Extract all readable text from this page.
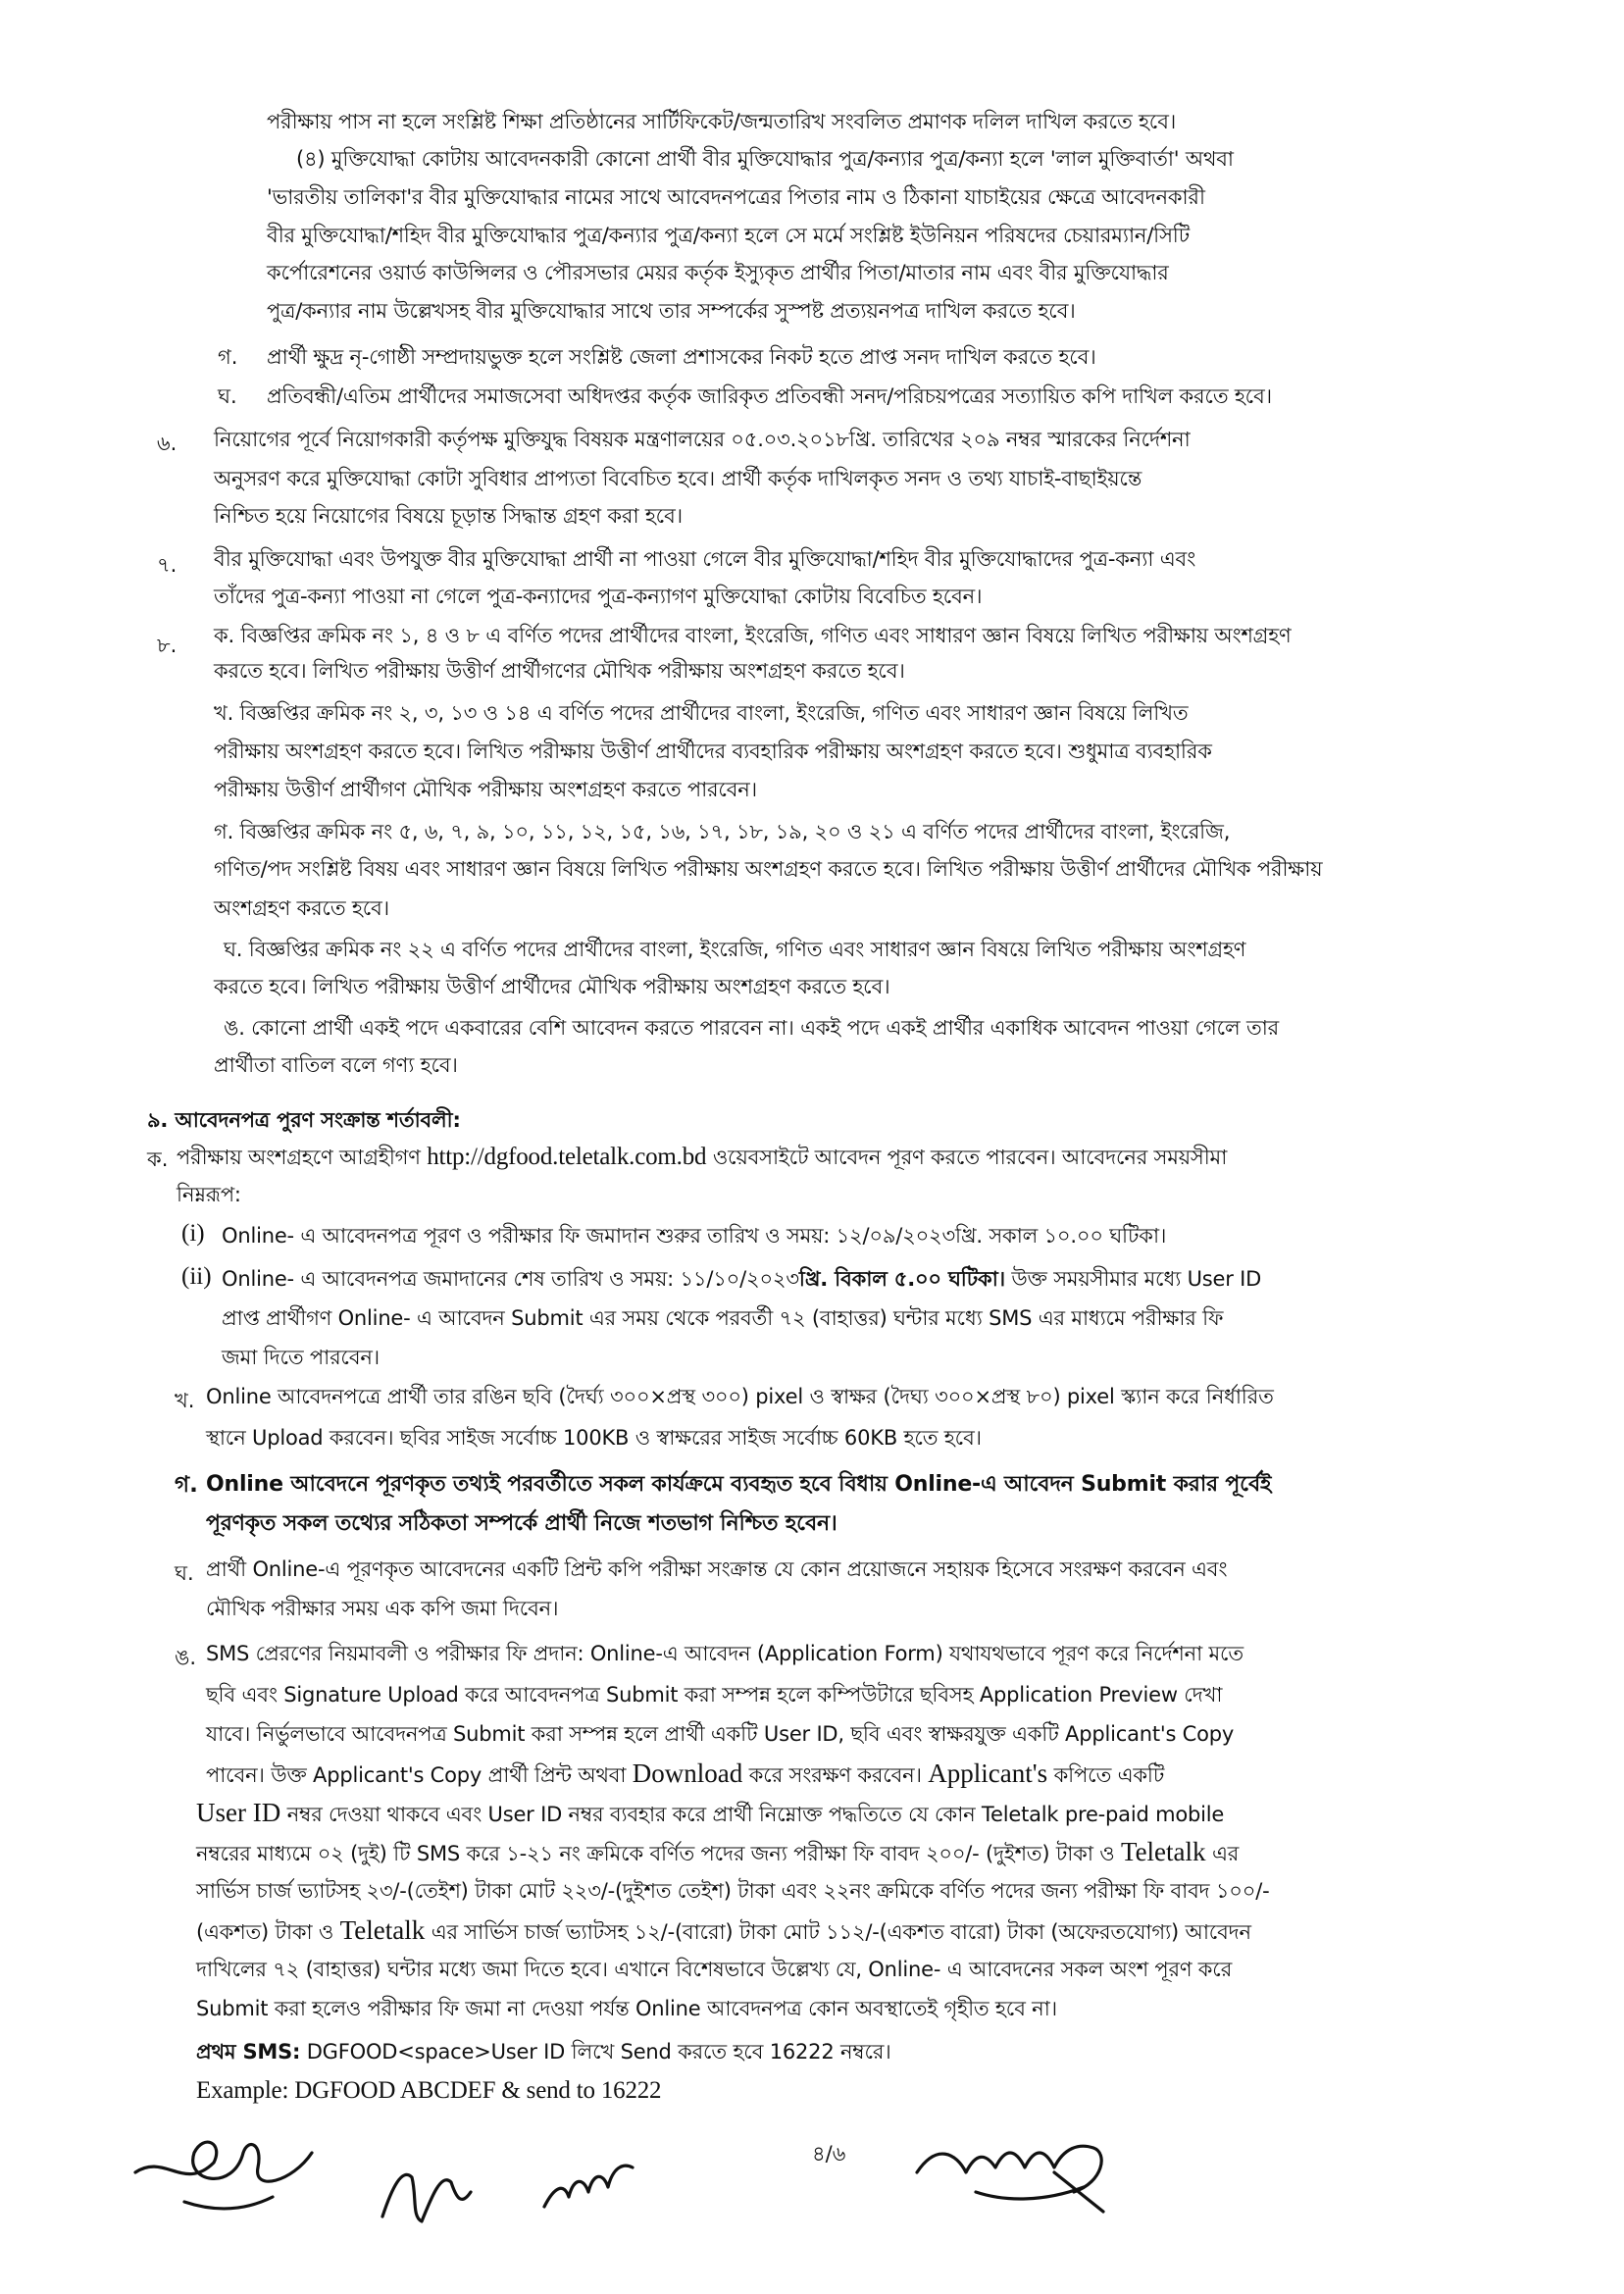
পরীক্ষায় পাস না হলে সংশ্লিষ্ট শিক্ষা প্রতিষ্ঠানের সার্টিফিকেট/জন্মতারিখ সংবলিত প্রমাণক দলিল দাখিল করতে হবে।
(৪) মুক্তিযোদ্ধা কোটায় আবেদনকারী কোনো প্রার্থী বীর মুক্তিযোদ্ধার পুত্র/কন্যার পুত্র/কন্যা হলে 'লাল মুক্তিবার্তা' অথবা
'ভারতীয় তালিকা'র বীর মুক্তিযোদ্ধার নামের সাথে আবেদনপত্রের পিতার নাম ও ঠিকানা যাচাইয়ের ক্ষেত্রে আবেদনকারী
বীর মুক্তিযোদ্ধা/শহিদ বীর মুক্তিযোদ্ধার পুত্র/কন্যার পুত্র/কন্যা হলে সে মর্মে সংশ্লিষ্ট ইউনিয়ন পরিষদের চেয়ারম্যান/সিটি
কর্পোরেশনের ওয়ার্ড কাউন্সিলর ও পৌরসভার মেয়র কর্তৃক ইস্যুকৃত প্রার্থীর পিতা/মাতার নাম এবং বীর মুক্তিযোদ্ধার
পুত্র/কন্যার নাম উল্লেখসহ বীর মুক্তিযোদ্ধার সাথে তার সম্পর্কের সুস্পষ্ট প্রত্যয়নপত্র দাখিল করতে হবে।
গ. প্রার্থী ক্ষুদ্র নৃ-গোষ্ঠী সম্প্রদায়ভুক্ত হলে সংশ্লিষ্ট জেলা প্রশাসকের নিকট হতে প্রাপ্ত সনদ দাখিল করতে হবে।
ঘ. প্রতিবন্ধী/এতিম প্রার্থীদের সমাজসেবা অধিদপ্তর কর্তৃক জারিকৃত প্রতিবন্ধী সনদ/পরিচয়পত্রের সত্যায়িত কপি দাখিল করতে হবে।
৬. নিয়োগের পূর্বে নিয়োগকারী কর্তৃপক্ষ মুক্তিযুদ্ধ বিষয়ক মন্ত্রণালয়ের ০৫.০৩.২০১৮খ্রি. তারিখের ২০৯ নম্বর স্মারকের নির্দেশনা
অনুসরণ করে মুক্তিযোদ্ধা কোটা সুবিধার প্রাপ্যতা বিবেচিত হবে। প্রার্থী কর্তৃক দাখিলকৃত সনদ ও তথ্য যাচাই-বাছাইয়ন্তে
নিশ্চিত হয়ে নিয়োগের বিষয়ে চূড়ান্ত সিদ্ধান্ত গ্রহণ করা হবে।
৭. বীর মুক্তিযোদ্ধা এবং উপযুক্ত বীর মুক্তিযোদ্ধা প্রার্থী না পাওয়া গেলে বীর মুক্তিযোদ্ধা/শহিদ বীর মুক্তিযোদ্ধাদের পুত্র-কন্যা এবং
তাঁদের পুত্র-কন্যা পাওয়া না গেলে পুত্র-কন্যাদের পুত্র-কন্যাগণ মুক্তিযোদ্ধা কোটায় বিবেচিত হবেন।
৮. ক. বিজ্ঞপ্তির ক্রমিক নং ১, ৪ ও ৮ এ বর্ণিত পদের প্রার্থীদের বাংলা, ইংরেজি, গণিত এবং সাধারণ জ্ঞান বিষয়ে লিখিত পরীক্ষায় অংশগ্রহণ
করতে হবে। লিখিত পরীক্ষায় উত্তীর্ণ প্রার্থীগণের মৌখিক পরীক্ষায় অংশগ্রহণ করতে হবে।
খ. বিজ্ঞপ্তির ক্রমিক নং ২, ৩, ১৩ ও ১৪ এ বর্ণিত পদের প্রার্থীদের বাংলা, ইংরেজি, গণিত এবং সাধারণ জ্ঞান বিষয়ে লিখিত
পরীক্ষায় অংশগ্রহণ করতে হবে। লিখিত পরীক্ষায় উত্তীর্ণ প্রার্থীদের ব্যবহারিক পরীক্ষায় অংশগ্রহণ করতে হবে। শুধুমাত্র ব্যবহারিক
পরীক্ষায় উত্তীর্ণ প্রার্থীগণ মৌখিক পরীক্ষায় অংশগ্রহণ করতে পারবেন।
গ. বিজ্ঞপ্তির ক্রমিক নং ৫, ৬, ৭, ৯, ১০, ১১, ১২, ১৫, ১৬, ১৭, ১৮, ১৯, ২০ ও ২১ এ বর্ণিত পদের প্রার্থীদের বাংলা, ইংরেজি,
গণিত/পদ সংশ্লিষ্ট বিষয় এবং সাধারণ জ্ঞান বিষয়ে লিখিত পরীক্ষায় অংশগ্রহণ করতে হবে। লিখিত পরীক্ষায় উত্তীর্ণ প্রার্থীদের মৌখিক পরীক্ষায়
অংশগ্রহণ করতে হবে।
ঘ. বিজ্ঞপ্তির ক্রমিক নং ২২ এ বর্ণিত পদের প্রার্থীদের বাংলা, ইংরেজি, গণিত এবং সাধারণ জ্ঞান বিষয়ে লিখিত পরীক্ষায় অংশগ্রহণ
করতে হবে। লিখিত পরীক্ষায় উত্তীর্ণ প্রার্থীদের মৌখিক পরীক্ষায় অংশগ্রহণ করতে হবে।
ঙ. কোনো প্রার্থী একই পদে একবারের বেশি আবেদন করতে পারবেন না। একই পদে একই প্রার্থীর একাধিক আবেদন পাওয়া গেলে তার
প্রার্থীতা বাতিল বলে গণ্য হবে।
৯. আবেদনপত্র পুরণ সংক্রান্ত শর্তাবলী:
ক. পরীক্ষায় অংশগ্রহণে আগ্রহীগণ http://dgfood.teletalk.com.bd ওয়েবসাইটে আবেদন পূরণ করতে পারবেন। আবেদনের সময়সীমা
নিম্নরূপ:
(i) Online- এ আবেদনপত্র পূরণ ও পরীক্ষার ফি জমাদান শুরুর তারিখ ও সময়: ১২/০৯/২০২৩খ্রি. সকাল ১০.০০ ঘটিকা।
(ii) Online- এ আবেদনপত্র জমাদানের শেষ তারিখ ও সময়: ১১/১০/২০২৩খ্রি. বিকাল ৫.০০ ঘটিকা। উক্ত সময়সীমার মধ্যে User ID
প্রাপ্ত প্রার্থীগণ Online- এ আবেদন Submit এর সময় থেকে পরবর্তী ৭২ (বাহাত্তর) ঘন্টার মধ্যে SMS এর মাধ্যমে পরীক্ষার ফি
জমা দিতে পারবেন।
খ. Online আবেদনপত্রে প্রার্থী তার রঙিন ছবি (দৈর্ঘ্য ৩০০×প্রস্থ ৩০০) pixel ও স্বাক্ষর (দৈঘ্য ৩০০×প্রস্থ ৮০) pixel স্ক্যান করে নির্ধারিত
স্থানে Upload করবেন। ছবির সাইজ সর্বোচ্চ 100KB ও স্বাক্ষরের সাইজ সর্বোচ্চ 60KB হতে হবে।
গ. Online আবেদনে পূরণকৃত তথ্যই পরবর্তীতে সকল কার্যক্রমে ব্যবহৃত হবে বিধায় Online-এ আবেদন Submit করার পূর্বেই
পূরণকৃত সকল তথ্যের সঠিকতা সম্পর্কে প্রার্থী নিজে শতভাগ নিশ্চিত হবেন।
ঘ. প্রার্থী Online-এ পূরণকৃত আবেদনের একটি প্রিন্ট কপি পরীক্ষা সংক্রান্ত যে কোন প্রয়োজনে সহায়ক হিসেবে সংরক্ষণ করবেন এবং
মৌখিক পরীক্ষার সময় এক কপি জমা দিবেন।
ঙ. SMS প্রেরণের নিয়মাবলী ও পরীক্ষার ফি প্রদান: Online-এ আবেদন (Application Form) যথাযথভাবে পূরণ করে নির্দেশনা মতে
ছবি এবং Signature Upload করে আবেদনপত্র Submit করা সম্পন্ন হলে কম্পিউটারে ছবিসহ Application Preview দেখা
যাবে। নির্ভুলভাবে আবেদনপত্র Submit করা সম্পন্ন হলে প্রার্থী একটি User ID, ছবি এবং স্বাক্ষরযুক্ত একটি Applicant's Copy
পাবেন। উক্ত Applicant's Copy প্রার্থী প্রিন্ট অথবা Download করে সংরক্ষণ করবেন। Applicant's কপিতে একটি
User ID নম্বর দেওয়া থাকবে এবং User ID নম্বর ব্যবহার করে প্রার্থী নিম্নোক্ত পদ্ধতিতে যে কোন Teletalk pre-paid mobile
নম্বরের মাধ্যমে ০২ (দুই) টি SMS করে ১-২১ নং ক্রমিকে বর্ণিত পদের জন্য পরীক্ষা ফি বাবদ ২০০/- (দুইশত) টাকা ও Teletalk এর
সার্ভিস চার্জ ভ্যাটসহ ২৩/-(তেইশ) টাকা মোট ২২৩/-(দুইশত তেইশ) টাকা এবং ২২নং ক্রমিকে বর্ণিত পদের জন্য পরীক্ষা ফি বাবদ ১০০/-
(একশত) টাকা ও Teletalk এর সার্ভিস চার্জ ভ্যাটসহ ১২/-(বারো) টাকা মোট ১১২/-(একশত বারো) টাকা (অফেরতযোগ্য) আবেদন
দাখিলের ৭২ (বাহাত্তর) ঘন্টার মধ্যে জমা দিতে হবে। এখানে বিশেষভাবে উল্লেখ্য যে, Online- এ আবেদনের সকল অংশ পূরণ করে
Submit করা হলেও পরীক্ষার ফি জমা না দেওয়া পর্যন্ত Online আবেদনপত্র কোন অবস্থাতেই গৃহীত হবে না।
প্রথম SMS: DGFOOD<space>User ID লিখে Send করতে হবে 16222 নম্বরে।
Example: DGFOOD ABCDEF & send to 16222
৪/৬
